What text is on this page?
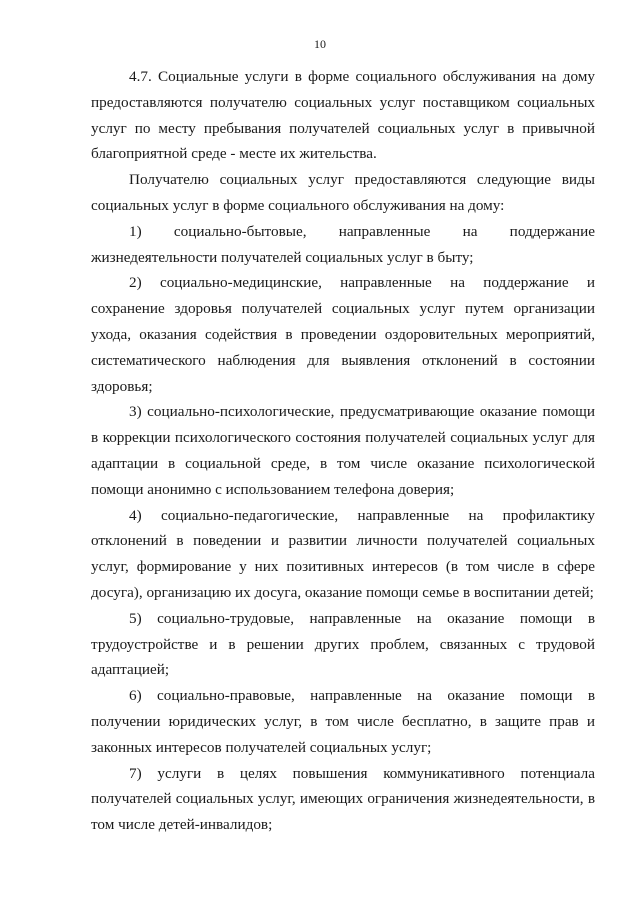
10

4.7. Социальные услуги в форме социального обслуживания на дому предоставляются получателю социальных услуг поставщиком социальных услуг по месту пребывания получателей социальных услуг в привычной благоприятной среде - месте их жительства.

Получателю социальных услуг предоставляются следующие виды социальных услуг в форме социального обслуживания на дому:

1) социально-бытовые, направленные на поддержание жизнедеятельности получателей социальных услуг в быту;

2) социально-медицинские, направленные на поддержание и сохранение здоровья получателей социальных услуг путем организации ухода, оказания содействия в проведении оздоровительных мероприятий, систематического наблюдения для выявления отклонений в состоянии здоровья;

3) социально-психологические, предусматривающие оказание помощи в коррекции психологического состояния получателей социальных услуг для адаптации в социальной среде, в том числе оказание психологической помощи анонимно с использованием телефона доверия;

4) социально-педагогические, направленные на профилактику отклонений в поведении и развитии личности получателей социальных услуг, формирование у них позитивных интересов (в том числе в сфере досуга), организацию их досуга, оказание помощи семье в воспитании детей;

5) социально-трудовые, направленные на оказание помощи в трудоустройстве и в решении других проблем, связанных с трудовой адаптацией;

6) социально-правовые, направленные на оказание помощи в получении юридических услуг, в том числе бесплатно, в защите прав и законных интересов получателей социальных услуг;

7) услуги в целях повышения коммуникативного потенциала получателей социальных услуг, имеющих ограничения жизнедеятельности, в том числе детей-инвалидов;
